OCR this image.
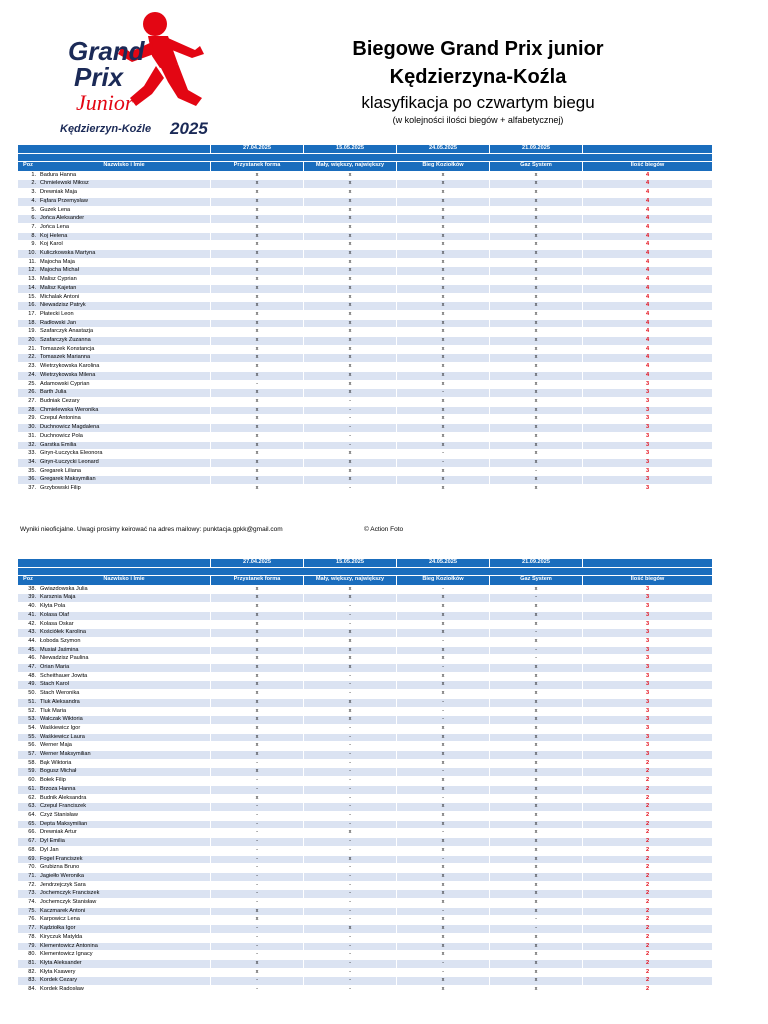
Grand
Prix
Junior
Kędzierzyn-Koźle 2025
Biegowe Grand Prix junior
Kędzierzyna-Koźla
klasyfikacja po czwartym biegu
(w kolejności ilości biegów + alfabetycznej)
			27.04.2025		15.05.2025		24.05.2025		21.09.2025		

Poz	Nazwisko i Imie		Przystanek forma		Mały, większy, największy		Bieg Koziołków		Gaz System		Ilość biegów
1.	Badura Hanna		x		x		x		x		4
2.	Chmielewski Miłosz		x		x		x		x		4
3.	Drewniak Maja		x		x		x		x		4
4.	Fąfara Przemysław		x		x		x		x		4
5.	Guzek Lena		x		x		x		x		4
6.	Jońca Aleksander		x		x		x		x		4
7.	Jońca Lena		x		x		x		x		4
8.	Koj Helena		x		x		x		x		4
9.	Koj Karol		x		x		x		x		4
10.	Kuliczkowska Martyna		x		x		x		x		4
11.	Majocha Maja		x		x		x		x		4
12.	Majocha Michał		x		x		x		x		4
13.	Malisz Cyprian		x		x		x		x		4
14.	Malisz Kajetan		x		x		x		x		4
15.	Michalak Antoni		x		x		x		x		4
16.	Niewadzisz Patryk		x		x		x		x		4
17.	Płatecki Leon		x		x		x		x		4
18.	Radłowski Jan		x		x		x		x		4
19.	Szafarczyk Anastazja		x		x		x		x		4
20.	Szafarczyk Zuzanna		x		x		x		x		4
21.	Tomaszek Konstancja		x		x		x		x		4
22.	Tomaszek Marianna		x		x		x		x		4
23.	Wietrzykowska Karolina		x		x		x		x		4
24.	Wietrzykowska Milena		x		x		x		x		4
25.	Adamowski Cyprian		-		x		x		x		3
26.	Barth Julia		x		x		-		x		3
27.	Budniak Cezary		x		-		x		x		3
28.	Chmielewska Weronika		x		-		x		x		3
29.	Czepul Antonina		x		-		x		x		3
30.	Duchnowicz Magdalena		x		-		x		x		3
31.	Duchnowicz Pola		x		-		x		x		3
32.	Garstka Emilia		x		-		x		x		3
33.	Giryn-Łuczycka Eleonora		x		x		-		x		3
34.	Giryn-Łuczycki Leonard		x		x		-		x		3
35.	Gregarek Liliana		x		x		x		-		3
36.	Gregarek Maksymilian		x		x		x		x		3
37.	Grzybowski Filip		x		-		x		x		3
Wyniki nieoficjalne. Uwagi prosimy keirować na adres mailowy: punktacja.gpkk@gmail.com	© Action Foto
			27.04.2025		15.05.2025		24.05.2025		21.09.2025		

Poz	Nazwisko i Imie		Przystanek forma		Mały, większy, największy		Bieg Koziołków		Gaz System		Ilość biegów
38.	Gwiazdowska Julia		x		x		-		x		3
39.	Karsznia Maja		x		x		x		-		3
40.	Kłyta Pola		x		-		x		x		3
41.	Kolasa Olaf		x		-		x		x		3
42.	Kolasa Oskar		x		-		x		x		3
43.	Kościółek Karolina		x		x		x		-		3
44.	Łoboda Szymon		x		x		-		x		3
45.	Musiał Jaśmina		x		x		x		-		3
46.	Niewadzisz Paulina		x		x		x		-		3
47.	Orian Maria		x		x		-		x		3
48.	Scheithauer Jowita		x		-		x		x		3
49.	Stach Karol		x		-		x		x		3
50.	Stach Weronika		x		-		x		x		3
51.	Tluk Aleksandra		x		x		-		x		3
52.	Tluk Maria		x		x		-		x		3
53.	Walczak Wiktoria		x		x		-		x		3
54.	Waśkiewicz Igor		x		-		x		x		3
55.	Waśkiewicz Laura		x		-		x		x		3
56.	Werner Maja		x		-		x		x		3
57.	Werner Maksymilian		x		-		x		x		3
58.	Bąk Wiktoria		-		-		x		x		2
59.	Bogusz Michał		x		-		-		x		2
60.	Bołek Filip		-		-		x		x		2
61.	Brzoza Hanna		-		-		x		x		2
62.	Budnik Aleksandra		x		-		-		x		2
63.	Czepul Franciszek		-		-		x		x		2
64.	Czyż Stanisław		-		-		x		x		2
65.	Depta Maksymilian		-		-		x		x		2
66.	Drewniak Artur		-		x		-		x		2
67.	Dyl Emilia		-		-		x		x		2
68.	Dyl Jan		-		-		x		x		2
69.	Fogel Franciszek		-		x		-		x		2
70.	Grubizna Bruno		-		-		x		x		2
71.	Jagiełło Weronika		-		-		x		x		2
72.	Jendrzejczyk Sara		-		-		x		x		2
73.	Jochemczyk Franciszek		-		-		x		x		2
74.	Jochemczyk Stanisław		-		-		x		x		2
75.	Kaczmarek Antoni		x		-		-		x		2
76.	Karpowicz Lena		x		-		x		-		2
77.	Kądziołka Igor		-		x		x		-		2
78.	Kiryczuk Matylda		-		-		x		x		2
79.	Klementowicz Antonina		-		-		x		x		2
80.	Klementowicz Ignacy		-		-		x		x		2
81.	Kłyta Aleksander		x		-		-		x		2
82.	Kłyta Ksawery		x		-		-		x		2
83.	Kordek Cezary		-		-		x		x		2
84.	Kordek Radosław		-		-		x		x		2
